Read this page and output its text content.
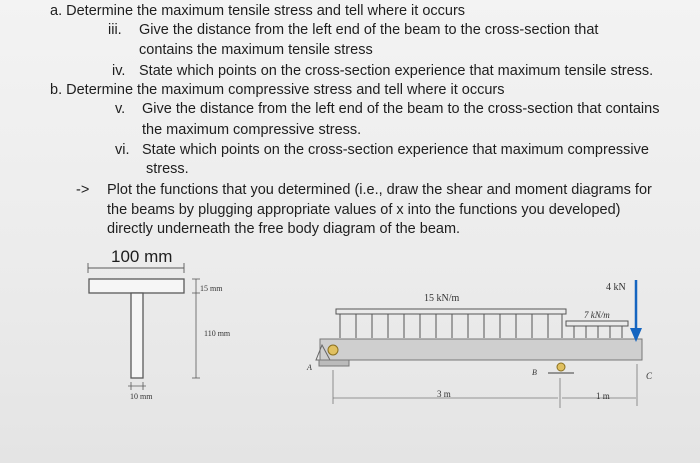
a. Determine the maximum tensile stress and tell where it occurs
iii. Give the distance from the left end of the beam to the cross-section that
contains the maximum tensile stress
iv. State which points on the cross-section experience that maximum tensile stress.
b. Determine the maximum compressive stress and tell where it occurs
v. Give the distance from the left end of the beam to the cross-section that contains
the maximum compressive stress.
vi. State which points on the cross-section experience that maximum compressive
stress.
-> Plot the functions that you determined (i.e., draw the shear and moment diagrams for
the beams by plugging appropriate values of x into the functions you developed)
directly underneath the free body diagram of the beam.
100 mm
15 mm
110 mm
10 mm
15 kN/m
4 kN
7 kN/m
A
B	C
3 m	1 m
